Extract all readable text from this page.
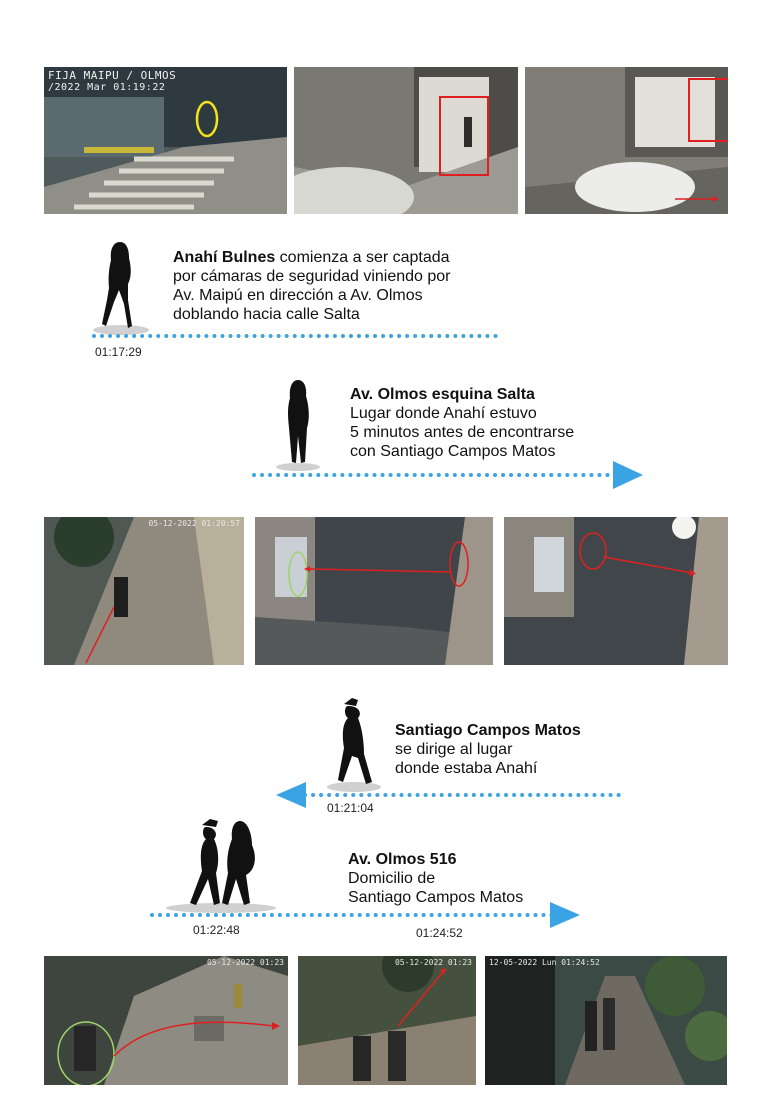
FIJA MAIPU / OLMOS
/2022 Mar 01:19:22
Anahí Bulnes comienza a ser captada
por cámaras de seguridad viniendo por
Av. Maipú en dirección a Av. Olmos
doblando hacia calle Salta
01:17:29
Av. Olmos esquina Salta
Lugar donde Anahí estuvo
5 minutos antes de encontrarse
con Santiago Campos Matos
05-12-2022 01:20:57
Santiago Campos Matos
se dirige al lugar
donde estaba Anahí
01:21:04
Av. Olmos 516
Domicilio de
Santiago Campos Matos
01:22:48	01:24:52
05-12-2022 01:23	05-12-2022 01:23 12-05-2022 Lun 01:24:52
